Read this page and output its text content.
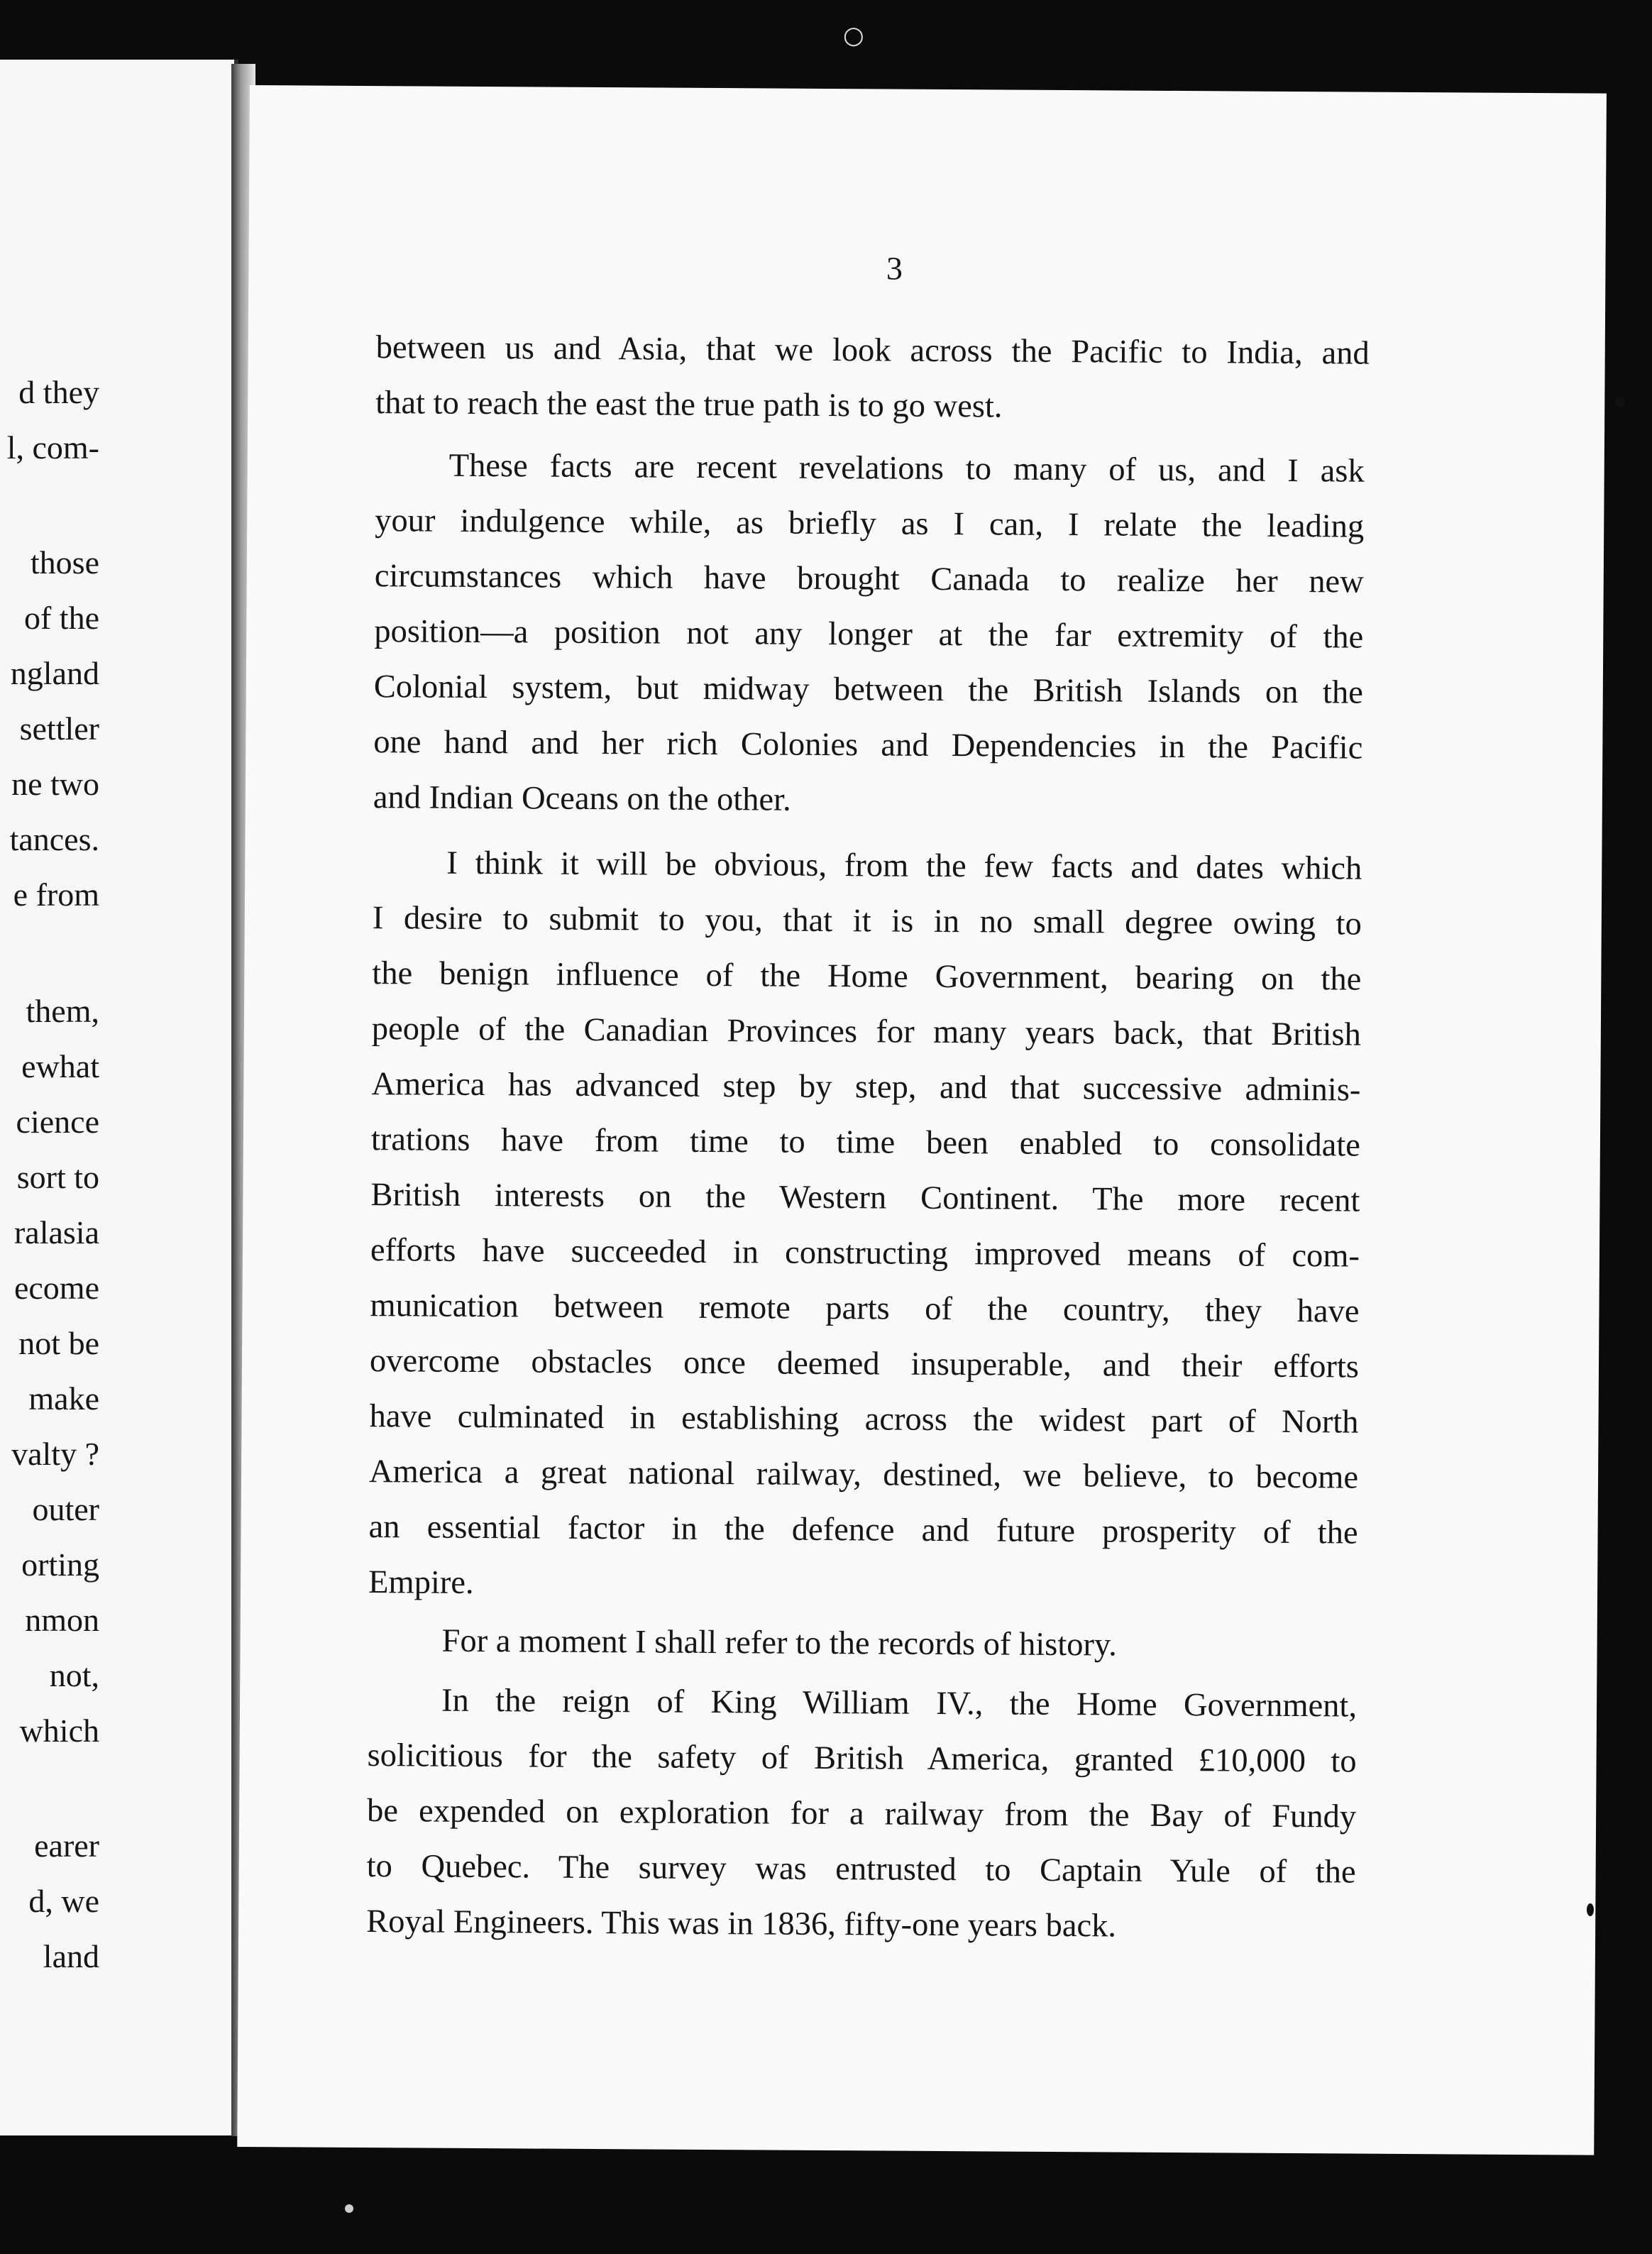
○
d they
l, com-
those
of the
ngland
settler
ne two
tances.
e from
them,
ewhat
cience
sort to
ralasia
ecome
not be
make
valty ?
outer
orting
nmon
not,
which
earer
d, we
land
3
between us and Asia, that we look across the Pacific to India, and
that to reach the east the true path is to go west.
These facts are recent revelations to many of us, and I ask
your indulgence while, as briefly as I can, I relate the leading
circumstances which have brought Canada to realize her new
position—a position not any longer at the far extremity of the
Colonial system, but midway between the British Islands on the
one hand and her rich Colonies and Dependencies in the Pacific
and Indian Oceans on the other.
I think it will be obvious, from the few facts and dates which
I desire to submit to you, that it is in no small degree owing to
the benign influence of the Home Government, bearing on the
people of the Canadian Provinces for many years back, that British
America has advanced step by step, and that successive adminis-
trations have from time to time been enabled to consolidate
British interests on the Western Continent. The more recent
efforts have succeeded in constructing improved means of com-
munication between remote parts of the country, they have
overcome obstacles once deemed insuperable, and their efforts
have culminated in establishing across the widest part of North
America a great national railway, destined, we believe, to become
an essential factor in the defence and future prosperity of the
Empire.
For a moment I shall refer to the records of history.
In the reign of King William IV., the Home Government,
solicitious for the safety of British America, granted £10,000 to
be expended on exploration for a railway from the Bay of Fundy
to Quebec. The survey was entrusted to Captain Yule of the
Royal Engineers. This was in 1836, fifty-one years back.
